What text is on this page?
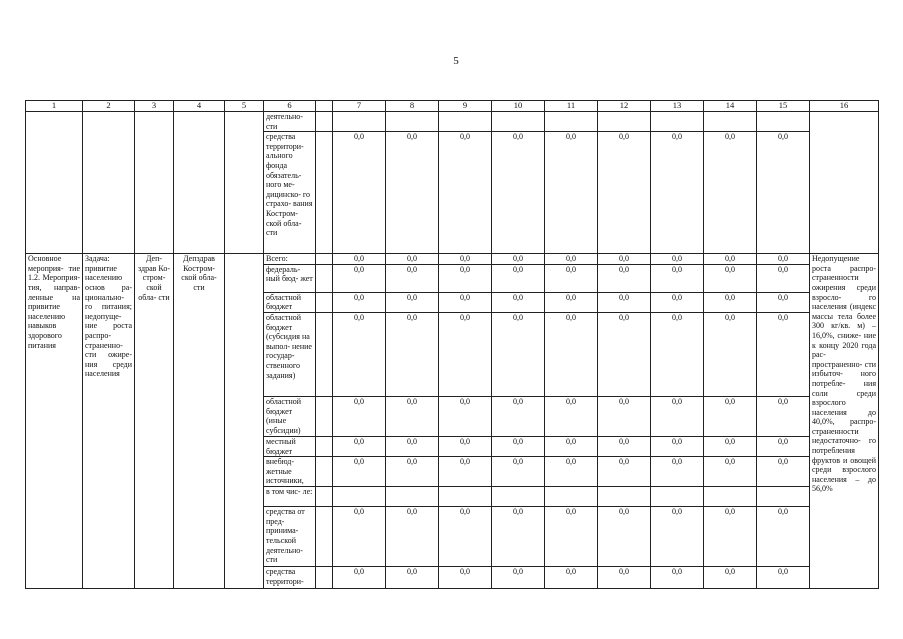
5
1	2	3	4	5	6		7	8	9	10	11	12	13	14	15	16
					деятельно- сти											
					средства территори- ального фонда обязатель- ного ме- дицинско- го страхо- вания Костром- ской обла- сти		0,0	0,0	0,0	0,0	0,0	0,0	0,0	0,0	0,0	
Основное мероприя- тие 1.2. Мероприя- тия, направ- ленные на привитие населению навыков здорового питания	Задача: привитие населению основ ра- ционально- го питания; недопуще- ние роста распро- страненно- сти ожире- ния среди населения	Деп- здрав Ко- стром- ской обла- сти	Депздрав Костром- ской обла- сти		Всего:		0,0	0,0	0,0	0,0	0,0	0,0	0,0	0,0	0,0	Недопущение роста распро- страненности ожирения среди взросло- го населения (индекс массы тела более 300 кг/кв. м) – 16,0%, сниже- ние к концу 2020 года рас- пространенно- сти избыточ- ного потребле- ния соли среди взрослого населения до 40,0%, распро- страненности недостаточно- го потребления фруктов и овощей среди взрослого населения – до 56,0%
					федераль- ный бюд- жет		0,0	0,0	0,0	0,0	0,0	0,0	0,0	0,0	0,0	
					областной бюджет		0,0	0,0	0,0	0,0	0,0	0,0	0,0	0,0	0,0	
					областной бюджет (субсидия на выпол- нение государ- ственного задания)		0,0	0,0	0,0	0,0	0,0	0,0	0,0	0,0	0,0	
					областной бюджет (иные субсидии)		0,0	0,0	0,0	0,0	0,0	0,0	0,0	0,0	0,0	
					местный бюджет		0,0	0,0	0,0	0,0	0,0	0,0	0,0	0,0	0,0	
					внебюд- жетные источники,		0,0	0,0	0,0	0,0	0,0	0,0	0,0	0,0	0,0	
					в том чис- ле:											
					средства от пред- принима- тельской деятельно- сти		0,0	0,0	0,0	0,0	0,0	0,0	0,0	0,0	0,0	
					средства территори-		0,0	0,0	0,0	0,0	0,0	0,0	0,0	0,0	0,0	
